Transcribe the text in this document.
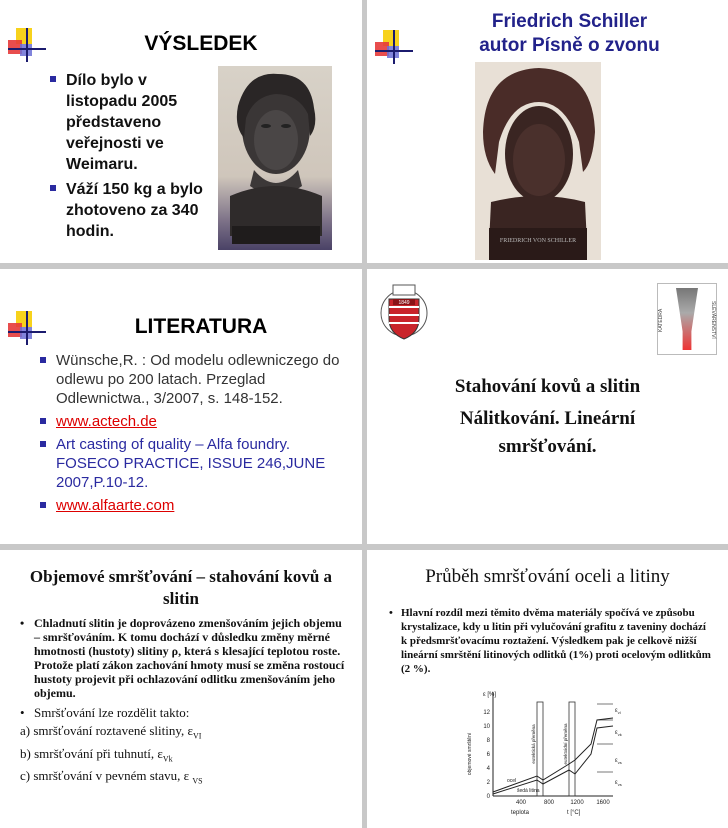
VÝSLEDEK
Dílo bylo v listopadu 2005 představeno veřejnosti ve Weimaru.
Váží 150 kg a bylo zhotoveno za 340 hodin.
Friedrich Schiller
autor Písně o zvonu
FRIEDRICH VON SCHILLER
LITERATURA
Wünsche,R. : Od modelu odlewniczego do odlewu po 200 latach. Przeglad Odlewnictwa., 3/2007, s. 148-152.
www.actech.de
Art casting of quality – Alfa foundry. FOSECO PRACTICE, ISSUE 246,JUNE 2007,P.10-12.
www.alfaarte.com
1849
KATEDRA	SLÉVÁRENSTVÍ
Stahování kovů a slitin
Nálitkování. Lineární smršťování.
Objemové smršťování – stahování kovů a slitin
• Chladnutí slitin je doprovázeno zmenšováním jejich objemu – smršťováním. K tomu dochází v důsledku změny měrné hmotnosti (hustoty) slitiny ρ, která s klesající teplotou roste. Protože platí zákon zachování hmoty musí se změna rostoucí hustoty projevit při ochlazování odlitku zmenšováním jeho objemu.
• Smršťování lze rozdělit takto:
a) smršťování roztavené slitiny, $\varepsilon_{VI}$
b) smršťování při tuhnutí, $\varepsilon_{Vk}$
c) smršťování v pevném stavu, ε $_{VS}$
Průběh smršťování oceli a litiny
• Hlavní rozdíl mezi těmito dvěma materiály spočívá ve způsobu krystalizace, kdy u litin při vylučování grafitu z taveniny dochází k předsmršťovacímu roztažení. Výsledkem pak je celkově nižší lineární smrštění litinových odlitků (1%) proti ocelovým odlitkům (2 %).
objemové smrštění
ε [%]
12
10
8
6
4
2
0
400	800	1200 1600
teplota	t [°C]
eutektická přeměna	eutektoidní přeměna
$\varepsilon_{vl}$
$\varepsilon_{vk}$
$\varepsilon_{vs}$
$\varepsilon_{vs}$
ocel
šedá litina
